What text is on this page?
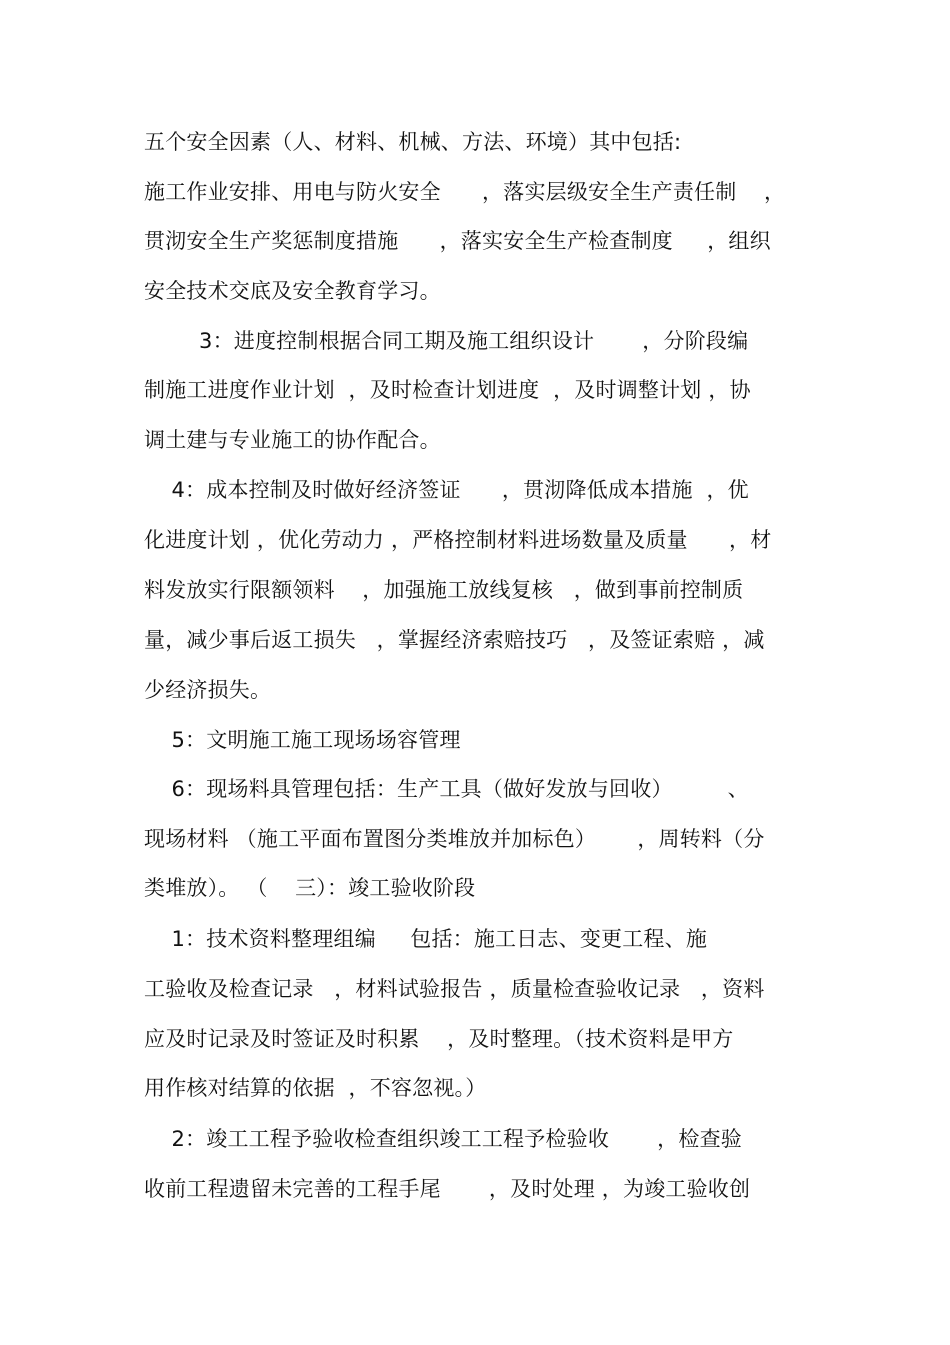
五个安全因素（人、材料、机械、方法、环境）其中包括:
施工作业安排、用电与防火安全      ，落实层级安全生产责任制    ，
贯沏安全生产奖惩制度措施      ，落实安全生产检查制度     ，组织
安全技术交底及安全教育学习。
3：进度控制根据合同工期及施工组织设计       ，分阶段编
制施工进度作业计划  ，及时检查计划进度  ，及时调整计划 ，协
调土建与专业施工的协作配合。
4：成本控制及时做好经济签证      ，贯沏降低成本措施  ，优
化进度计划 ，优化劳动力 ，严格控制材料进场数量及质量      ，材
料发放实行限额领料    ，加强施工放线复核   ，做到事前控制质
量，减少事后返工损失   ，掌握经济索赔技巧   ，及签证索赔 ，减
少经济损失。
5：文明施工施工现场场容管理
6：现场料具管理包括：生产工具（做好发放与回收）        、
现场材料 （施工平面布置图分类堆放并加标色）      ，周转料（分
类堆放）。 （    三）：竣工验收阶段
1：技术资料整理组编     包括：施工日志、变更工程、施
工验收及检查记录   ，材料试验报告 ，质量检查验收记录   ，资料
应及时记录及时签证及时积累    ，及时整理。（技术资料是甲方
用作核对结算的依据  ，不容忽视。）
2：竣工工程予验收检查组织竣工工程予检验收       ，检查验
收前工程遗留未完善的工程手尾       ，及时处理 ，为竣工验收创
